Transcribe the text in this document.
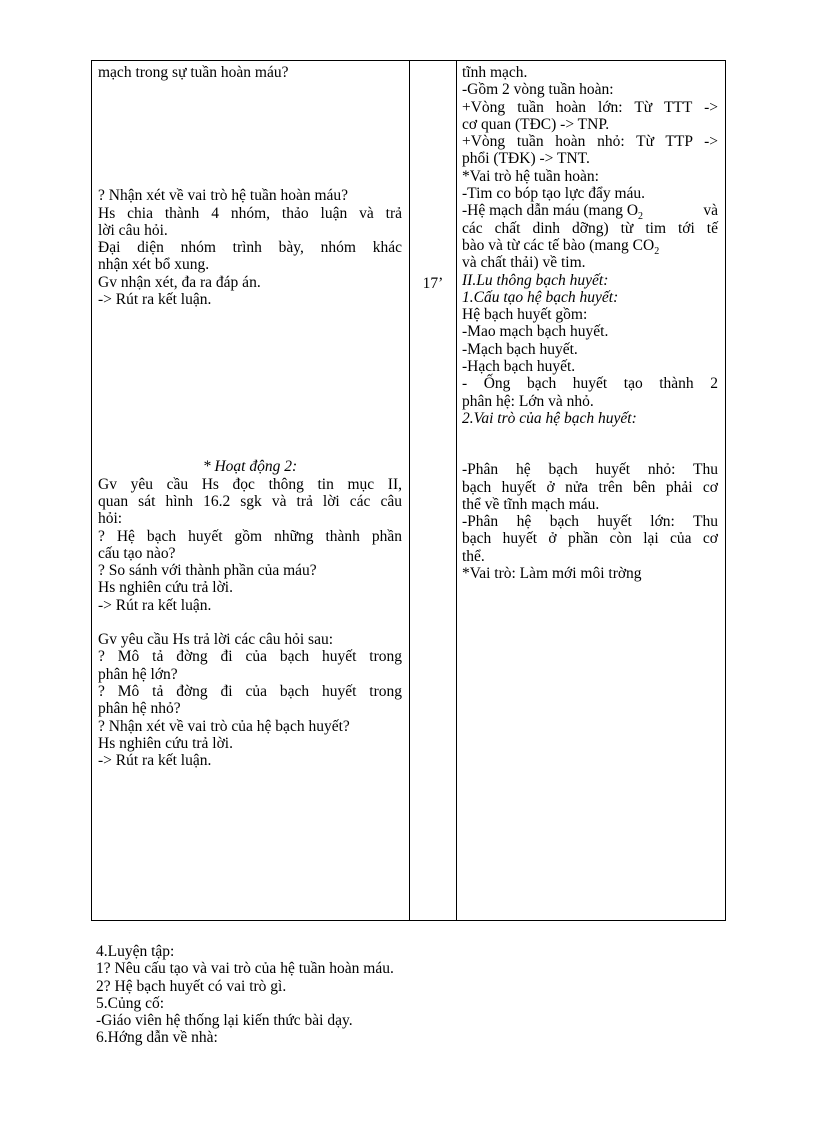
mạch trong sự tuần hoàn máu?
? Nhận xét về vai trò hệ tuần hoàn máu?
Hs chia thành 4 nhóm, thảo luận và trả
lời câu hỏi.
Đại diện nhóm trình bày, nhóm khác
nhận xét bổ xung.
Gv nhận xét, đa ra đáp án.
-> Rút ra kết luận.
* Hoạt động 2:
Gv yêu cầu Hs đọc thông tin mục II,
quan sát hình 16.2 sgk và trả lời các câu
hỏi:
? Hệ bạch huyết gồm những thành phần
cấu tạo nào?
? So sánh với thành phần của máu?
Hs nghiên cứu trả lời.
-> Rút ra kết luận.
Gv yêu cầu Hs trả lời các câu hỏi sau:
? Mô tả đờng đi của bạch huyết trong
phân hệ lớn?
? Mô tả đờng đi của bạch huyết trong
phân hệ nhỏ?
? Nhận xét về vai trò của hệ bạch huyết?
Hs nghiên cứu trả lời.
-> Rút ra kết luận.
17’
tĩnh mạch.
-Gồm 2 vòng tuần hoàn:
+Vòng tuần hoàn lớn: Từ TTT ->
cơ quan (TĐC) -> TNP.
+Vòng tuần hoàn nhỏ: Từ TTP ->
phổi (TĐK) -> TNT.
*Vai trò hệ tuần hoàn:
-Tim co bóp tạo lực đẩy máu.
-Hệ mạch dẫn máu (mang $O_2$	và
các chất dinh dỡng) từ tim tới tế
bào và từ các tế bào (mang $CO_2$
và chất thải) về tim.
II.Lu thông bạch huyết:
1.Cấu tạo hệ bạch huyết:
Hệ bạch huyết gồm:
-Mao mạch bạch huyết.
-Mạch bạch huyết.
-Hạch bạch huyết.
- Ống bạch huyết tạo thành 2
phân hệ: Lớn và nhỏ.
2.Vai trò của hệ bạch huyết:
-Phân hệ bạch huyết nhỏ: Thu
bạch huyết ở nửa trên bên phải cơ
thể về tĩnh mạch máu.
-Phân hệ bạch huyết lớn: Thu
bạch huyết ở phần còn lại của cơ
thể.
*Vai trò: Làm mới môi trờng
4.Luyện tập:
1? Nêu cấu tạo và vai trò của hệ tuần hoàn máu.
2? Hệ bạch huyết có vai trò gì.
5.Củng cố:
-Giáo viên hệ thống lại kiến thức bài dạy.
6.Hớng dẫn về nhà:
